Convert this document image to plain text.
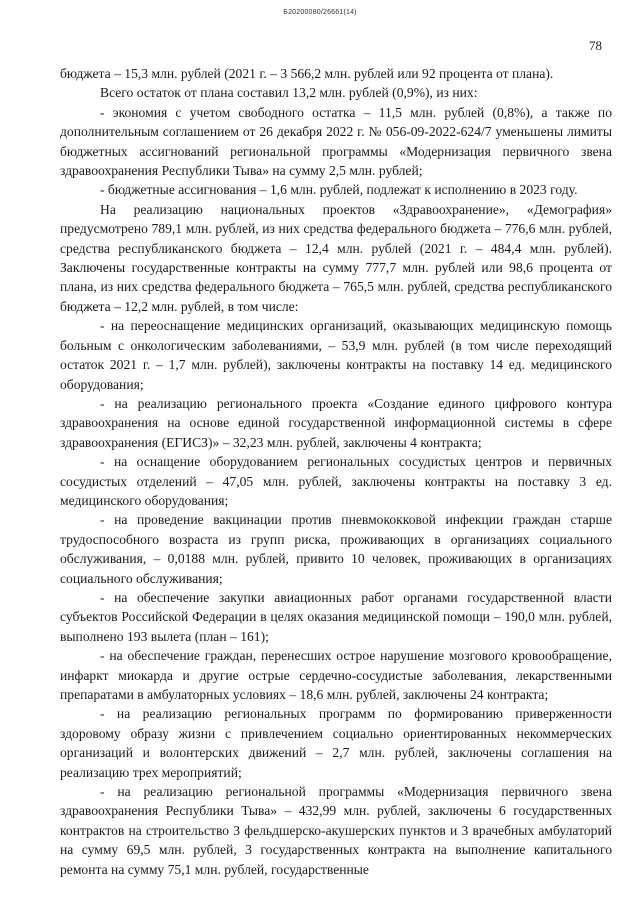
Б20200080/26661(14)
78

бюджета – 15,3 млн. рублей (2021 г. – 3 566,2 млн. рублей или 92 процента от плана).

Всего остаток от плана составил 13,2 млн. рублей (0,9%), из них:

- экономия с учетом свободного остатка – 11,5 млн. рублей (0,8%), а также по дополнительным соглашением от 26 декабря 2022 г. № 056-09-2022-624/7 уменьшены лимиты бюджетных ассигнований региональной программы «Модернизация первичного звена здравоохранения Республики Тыва» на сумму 2,5 млн. рублей;

- бюджетные ассигнования – 1,6 млн. рублей, подлежат к исполнению в 2023 году.

На реализацию национальных проектов «Здравоохранение», «Демография» предусмотрено 789,1 млн. рублей, из них средства федерального бюджета – 776,6 млн. рублей, средства республиканского бюджета – 12,4 млн. рублей (2021 г. – 484,4 млн. рублей). Заключены государственные контракты на сумму 777,7 млн. рублей или 98,6 процента от плана, из них средства федерального бюджета – 765,5 млн. рублей, средства республиканского бюджета – 12,2 млн. рублей, в том числе:

- на переоснащение медицинских организаций, оказывающих медицинскую помощь больным с онкологическим заболеваниями, – 53,9 млн. рублей (в том числе переходящий остаток 2021 г. – 1,7 млн. рублей), заключены контракты на поставку 14 ед. медицинского оборудования;

- на реализацию регионального проекта «Создание единого цифрового контура здравоохранения на основе единой государственной информационной системы в сфере здравоохранения (ЕГИСЗ)» – 32,23 млн. рублей, заключены 4 контракта;

- на оснащение оборудованием региональных сосудистых центров и первичных сосудистых отделений – 47,05 млн. рублей, заключены контракты на поставку 3 ед. медицинского оборудования;

- на проведение вакцинации против пневмококковой инфекции граждан старше трудоспособного возраста из групп риска, проживающих в организациях социального обслуживания, – 0,0188 млн. рублей, привито 10 человек, проживающих в организациях социального обслуживания;

- на обеспечение закупки авиационных работ органами государственной власти субъектов Российской Федерации в целях оказания медицинской помощи – 190,0 млн. рублей, выполнено 193 вылета (план – 161);

- на обеспечение граждан, перенесших острое нарушение мозгового кровообращение, инфаркт миокарда и другие острые сердечно-сосудистые заболевания, лекарственными препаратами в амбулаторных условиях – 18,6 млн. рублей, заключены 24 контракта;

- на реализацию региональных программ по формированию приверженности здоровому образу жизни с привлечением социально ориентированных некоммерческих организаций и волонтерских движений – 2,7 млн. рублей, заключены соглашения на реализацию трех мероприятий;

- на реализацию региональной программы «Модернизация первичного звена здравоохранения Республики Тыва» – 432,99 млн. рублей, заключены 6 государственных контрактов на строительство 3 фельдшерско-акушерских пунктов и 3 врачебных амбулаторий на сумму 69,5 млн. рублей, 3 государственных контракта на выполнение капитального ремонта на сумму 75,1 млн. рублей, государственные
